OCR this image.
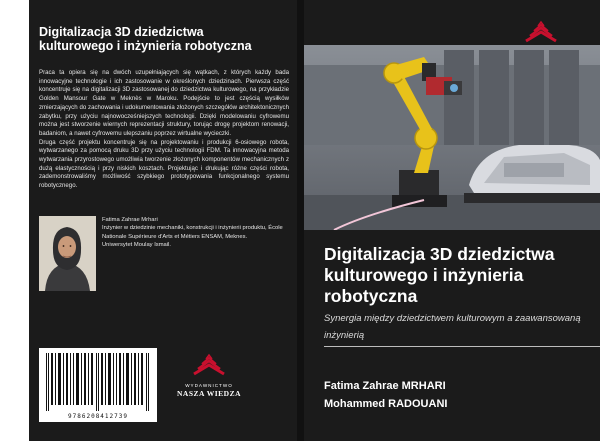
Digitalizacja 3D dziedzictwa kulturowego i inżynieria robotyczna

Praca ta opiera się na dwóch uzupełniających się wątkach, z których każdy bada innowacyjne technologie i ich zastosowanie w określonych dziedzinach. Pierwsza część koncentruje się na digitalizacji 3D zastosowanej do dziedzictwa kulturowego, na przykładzie Golden Mansour Gate w Meknès w Maroku. Podejście to jest częścią wysiłków zmierzających do zachowania i udokumentowania złożonych szczegółów architektonicznych zabytku, przy użyciu najnowocześniejszych technologii. Dzięki modelowaniu cyfrowemu można jest stworzenie wiernych reprezentacji struktury, torując drogę projektom renowacji, badaniom, a nawet cyfrowemu ulepszaniu poprzez wirtualne wycieczki.

Druga część projektu koncentruje się na projektowaniu i produkcji 6-osiowego robota, wytwarzanego za pomocą druku 3D przy użyciu technologii FDM. Ta innowacyjna metoda wytwarzania przyrostowego umożliwia tworzenie złożonych komponentów mechanicznych z dużą elastycznością i przy niskich kosztach. Projektując i drukując różne części robota, zademonstrowaliśmy możliwość szybkiego prototypowania funkcjonalnego systemu robotycznego.

Fatima Zahrae Mrhari
Inżynier w dziedzinie mechaniki, konstrukcji i inżynierii produktu, École Nationale Supérieure d'Arts et Métiers ENSAM, Meknes.
Uniwersytet Moulay Ismail.
9786208412739
WYDAWNICTWO
NASZA WIEDZA
Digitalizacja 3D dziedzictwa kulturowego i inżynieria robotyczna
Synergia między dziedzictwem kulturowym a zaawansowaną inżynierią
Fatima Zahrae MRHARI
Mohammed RADOUANI
